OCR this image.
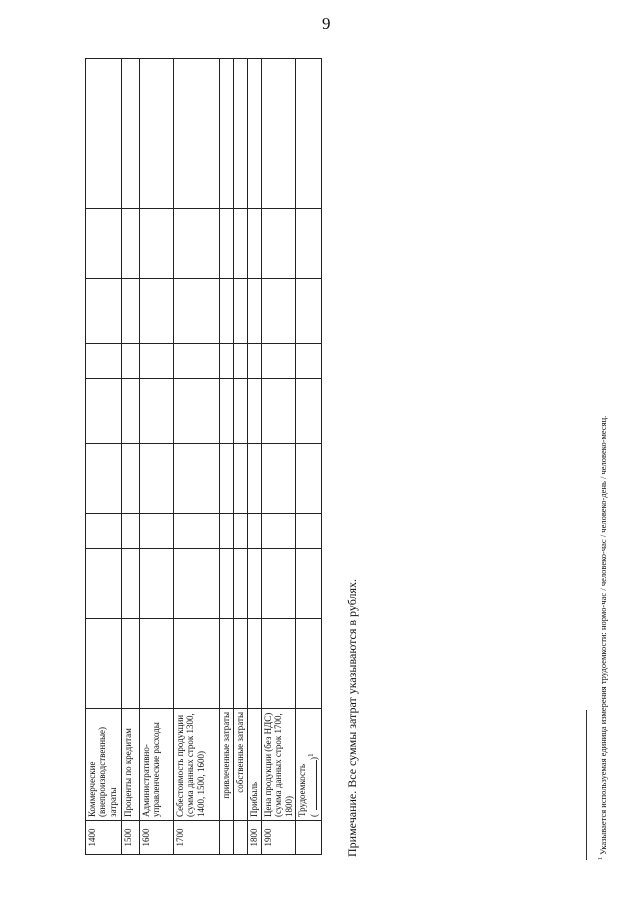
9
1400	Коммерческие (внепроизводственные) затраты									
1500	Проценты по кредитам									
1600	Административно-управленческие расходы									
1700	Себестоимость продукции (сумма данных строк 1300, 1400, 1500, 1600)									
	привлеченные затраты									
	собственные затраты									
1800	Прибыль									
1900	Цена продукции (без НДС) (сумма данных строк 1700, 1800)									
	Трудоемкость ()$^1$									Примечание. Все суммы затрат указываются в рублях.
$^1$ Указывается используемая единица измерения трудоемкости: нормо-час / человеко-час / человеко-день / человеко-месяц.
